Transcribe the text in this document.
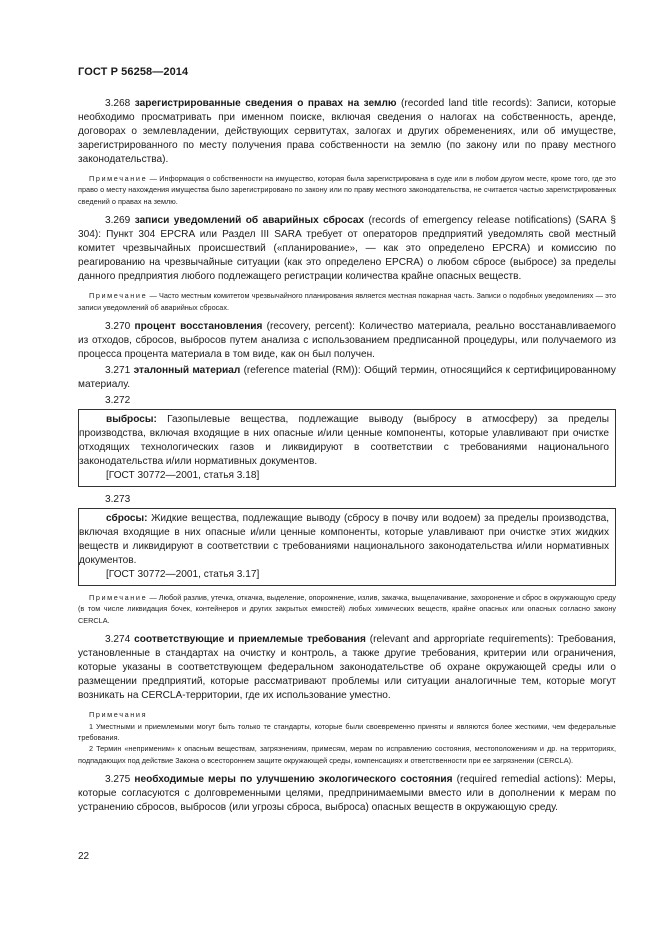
ГОСТ Р 56258—2014

3.268 зарегистрированные сведения о правах на землю (recorded land title records): Записи, которые необходимо просматривать при именном поиске, включая сведения о налогах на собственность, аренде, договорах о землевладении, действующих сервитутах, залогах и других обременениях, или об имуществе, зарегистрированного по месту получения права собственности на землю (по закону или по праву местного законодательства).

Примечание — Информация о собственности на имущество, которая была зарегистрирована в суде или в любом другом месте, кроме того, где это право о месту нахождения имущества было зарегистрировано по закону или по праву местного законодательства, не считается частью зарегистрированных сведений о правах на землю.

3.269 записи уведомлений об аварийных сбросах (records of emergency release notifications) (SARA § 304): Пункт 304 EPCRA или Раздел III SARA требует от операторов предприятий уведомлять свой местный комитет чрезвычайных происшествий («планирование», — как это определено EPCRA) и комиссию по реагированию на чрезвычайные ситуации (как это определено EPCRA) о любом сбросе (выбросе) за пределы данного предприятия любого подлежащего регистрации количества крайне опасных веществ.

Примечание — Часто местным комитетом чрезвычайного планирования является местная пожарная часть. Записи о подобных уведомлениях — это записи уведомлений об аварийных сбросах.

3.270 процент восстановления (recovery, percent): Количество материала, реально восстанавливаемого из отходов, сбросов, выбросов путем анализа с использованием предписанной процедуры, или получаемого из процесса процента материала в том виде, как он был получен.

3.271 эталонный материал (reference material (RM)): Общий термин, относящийся к сертифицированному материалу.

3.272

выбросы: Газопылевые вещества, подлежащие выводу (выбросу в атмосферу) за пределы производства, включая входящие в них опасные и/или ценные компоненты, которые улавливают при очистке отходящих технологических газов и ликвидируют в соответствии с требованиями национального законодательства и/или нормативных документов.

[ГОСТ 30772—2001, статья 3.18]
3.273

сбросы: Жидкие вещества, подлежащие выводу (сбросу в почву или водоем) за пределы производства, включая входящие в них опасные и/или ценные компоненты, которые улавливают при очистке этих жидких веществ и ликвидируют в соответствии с требованиями национального законодательства и/или нормативных документов.

[ГОСТ 30772—2001, статья 3.17]

Примечание — Любой разлив, утечка, откачка, выделение, опорожнение, излив, закачка, выщелачивание, захоронение и сброс в окружающую среду (в том числе ликвидация бочек, контейнеров и других закрытых емкостей) любых химических веществ, крайне опасных или опасных согласно закону CERCLA.

3.274 соответствующие и приемлемые требования (relevant and appropriate requirements): Требования, установленные в стандартах на очистку и контроль, а также другие требования, критерии или ограничения, которые указаны в соответствующем федеральном законодательстве об охране окружающей среды или о размещении предприятий, которые рассматривают проблемы или ситуации аналогичные тем, которые могут возникать на CERCLA-территории, где их использование уместно.

Примечания

1 Уместными и приемлемыми могут быть только те стандарты, которые были своевременно приняты и являются более жесткими, чем федеральные требования.

2 Термин «неприменим» к опасным веществам, загрязнениям, примесям, мерам по исправлению состояния, местоположениям и др. на территориях, подпадающих под действие Закона о всестороннем защите окружающей среды, компенсациях и ответственности при ее загрязнении (CERCLA).

3.275 необходимые меры по улучшению экологического состояния (required remedial actions): Меры, которые согласуются с долговременными целями, предпринимаемыми вместо или в дополнении к мерам по устранению сбросов, выбросов (или угрозы сброса, выброса) опасных веществ в окружающую среду.

22
